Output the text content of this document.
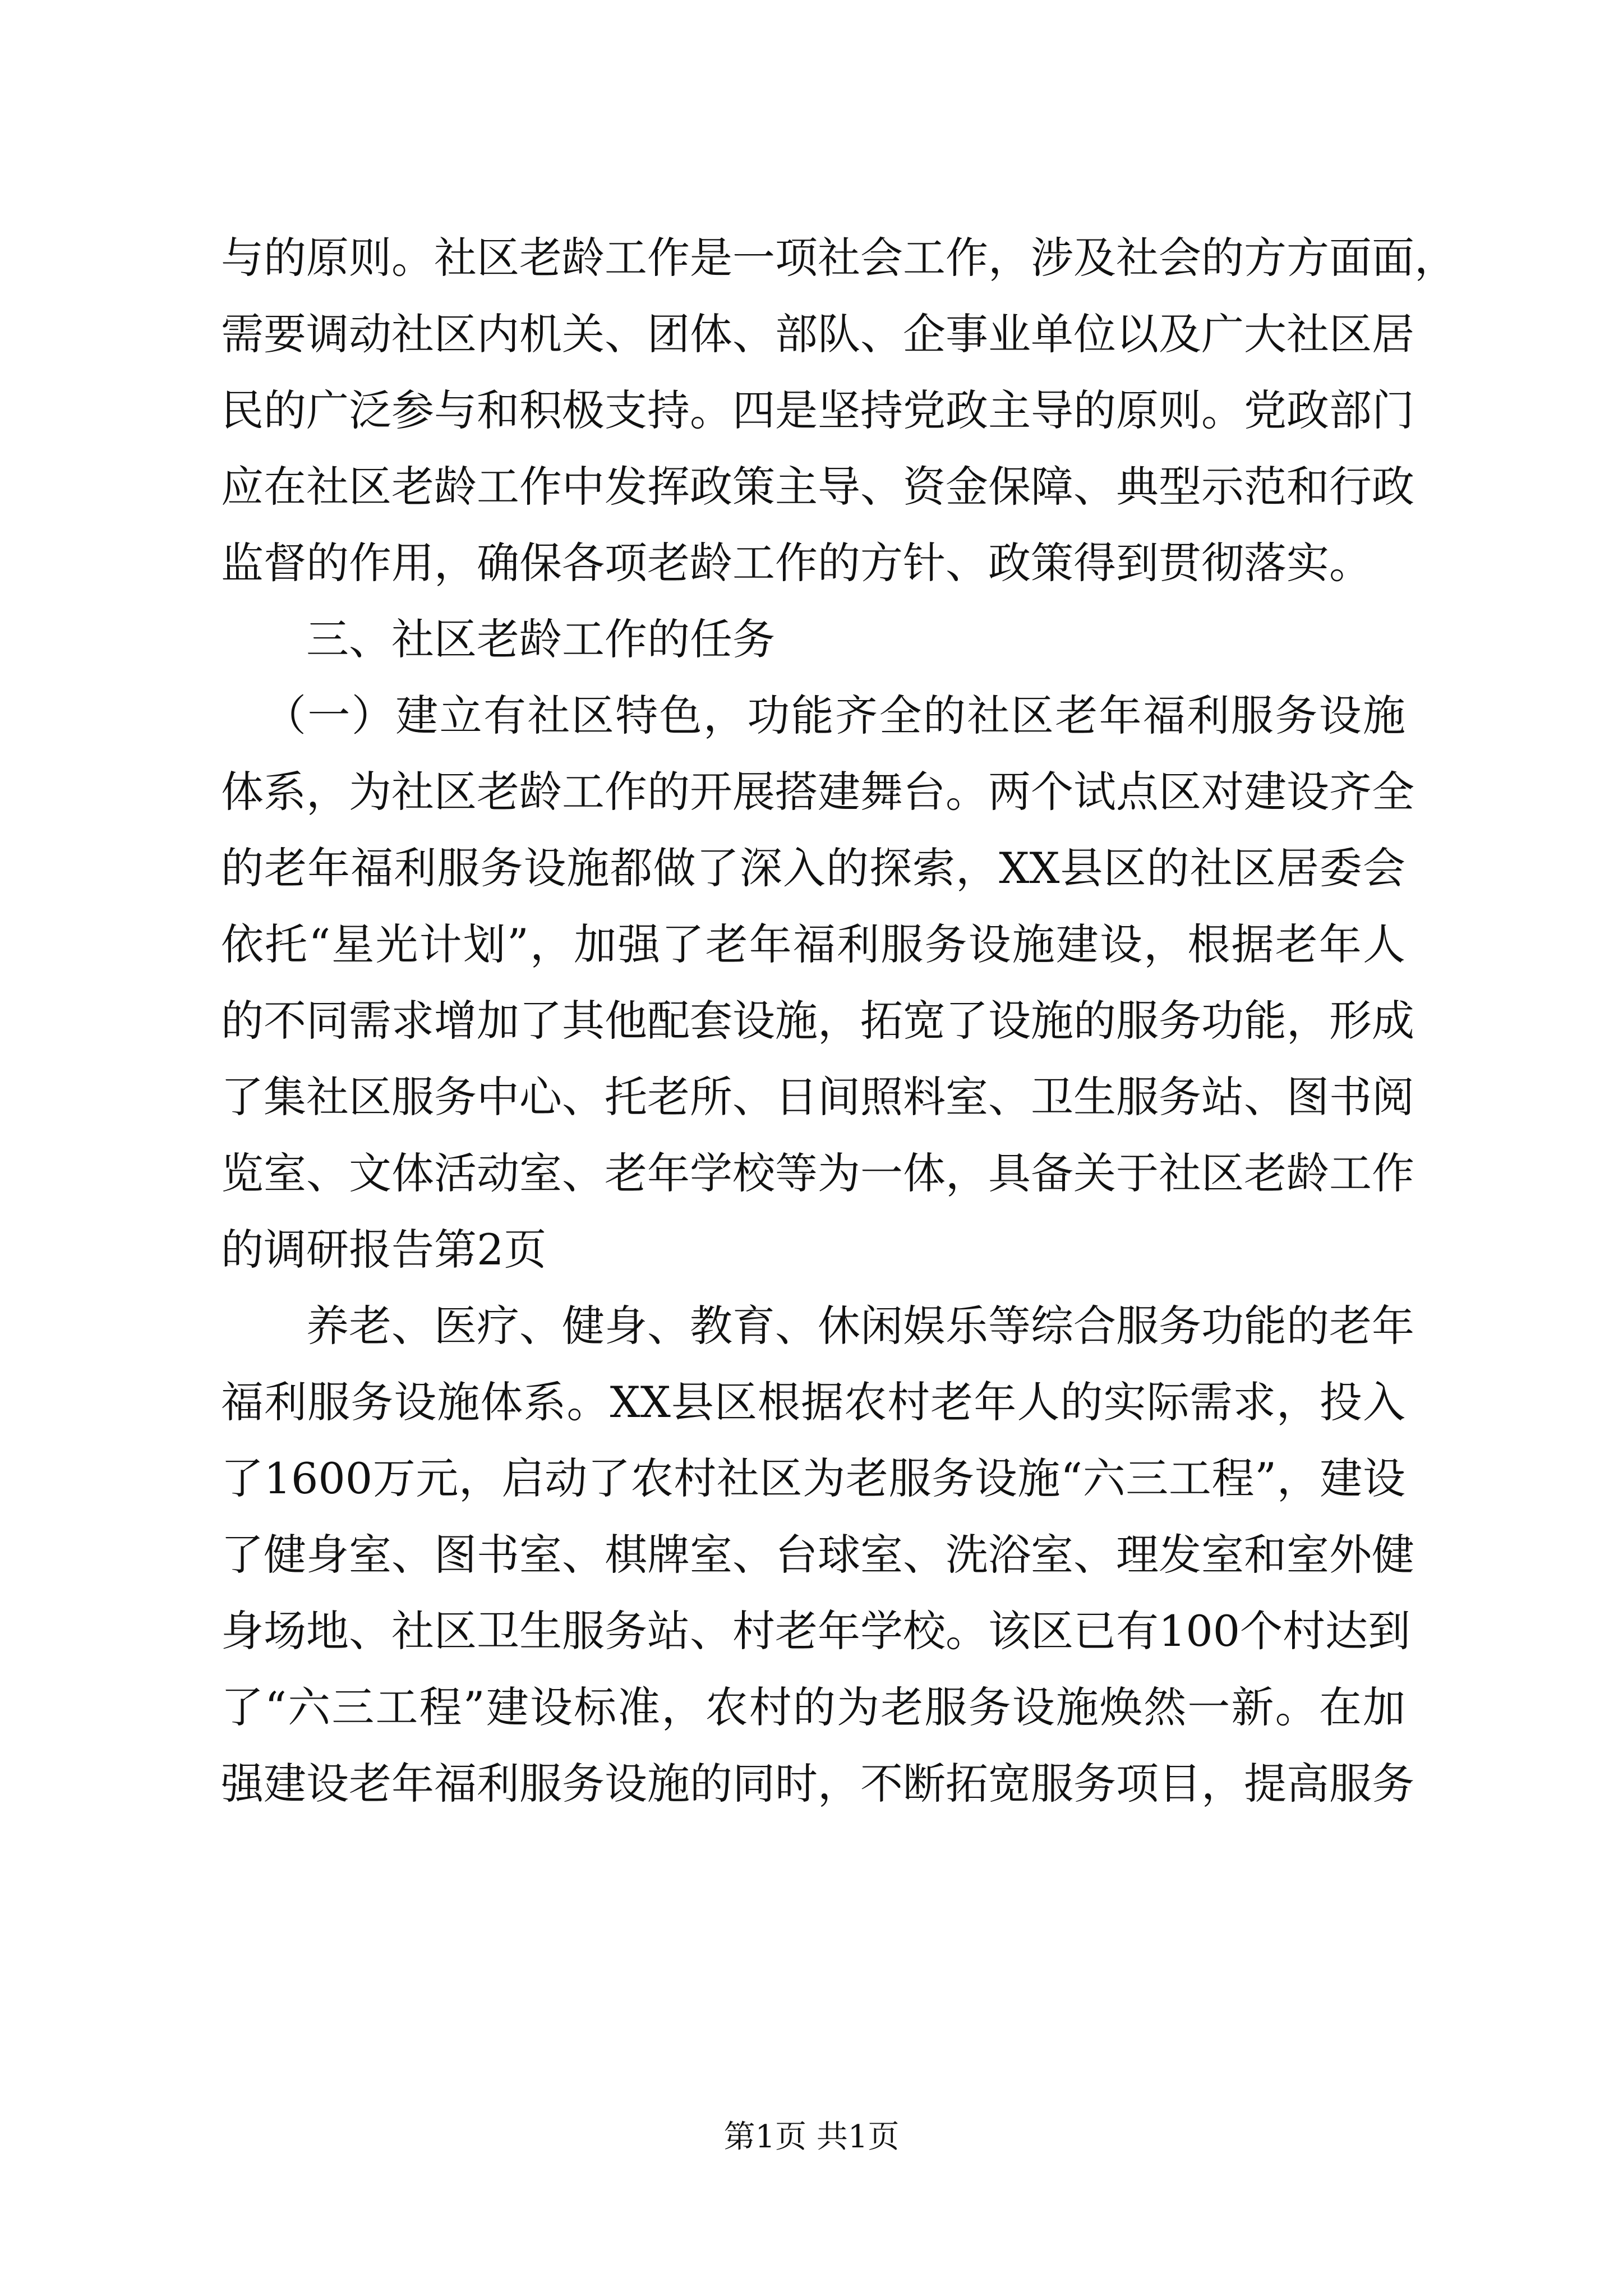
与的原则。社区老龄工作是一项社会工作，涉及社会的方方面面，
需要调动社区内机关、团体、部队、企事业单位以及广大社区居
民的广泛参与和积极支持。四是坚持党政主导的原则。党政部门
应在社区老龄工作中发挥政策主导、资金保障、典型示范和行政
监督的作用，确保各项老龄工作的方针、政策得到贯彻落实。
三、社区老龄工作的任务
（一）建立有社区特色，功能齐全的社区老年福利服务设施
体系，为社区老龄工作的开展搭建舞台。两个试点区对建设齐全
的老年福利服务设施都做了深入的探索，XX县区的社区居委会
依托“星光计划”，加强了老年福利服务设施建设，根据老年人
的不同需求增加了其他配套设施，拓宽了设施的服务功能，形成
了集社区服务中心、托老所、日间照料室、卫生服务站、图书阅
览室、文体活动室、老年学校等为一体，具备关于社区老龄工作
的调研报告第2页
养老、医疗、健身、教育、休闲娱乐等综合服务功能的老年
福利服务设施体系。XX县区根据农村老年人的实际需求，投入
了1600万元，启动了农村社区为老服务设施“六三工程”，建设
了健身室、图书室、棋牌室、台球室、洗浴室、理发室和室外健
身场地、社区卫生服务站、村老年学校。该区已有100个村达到
了“六三工程”建设标准，农村的为老服务设施焕然一新。在加
强建设老年福利服务设施的同时，不断拓宽服务项目，提高服务
第1页 共1页
